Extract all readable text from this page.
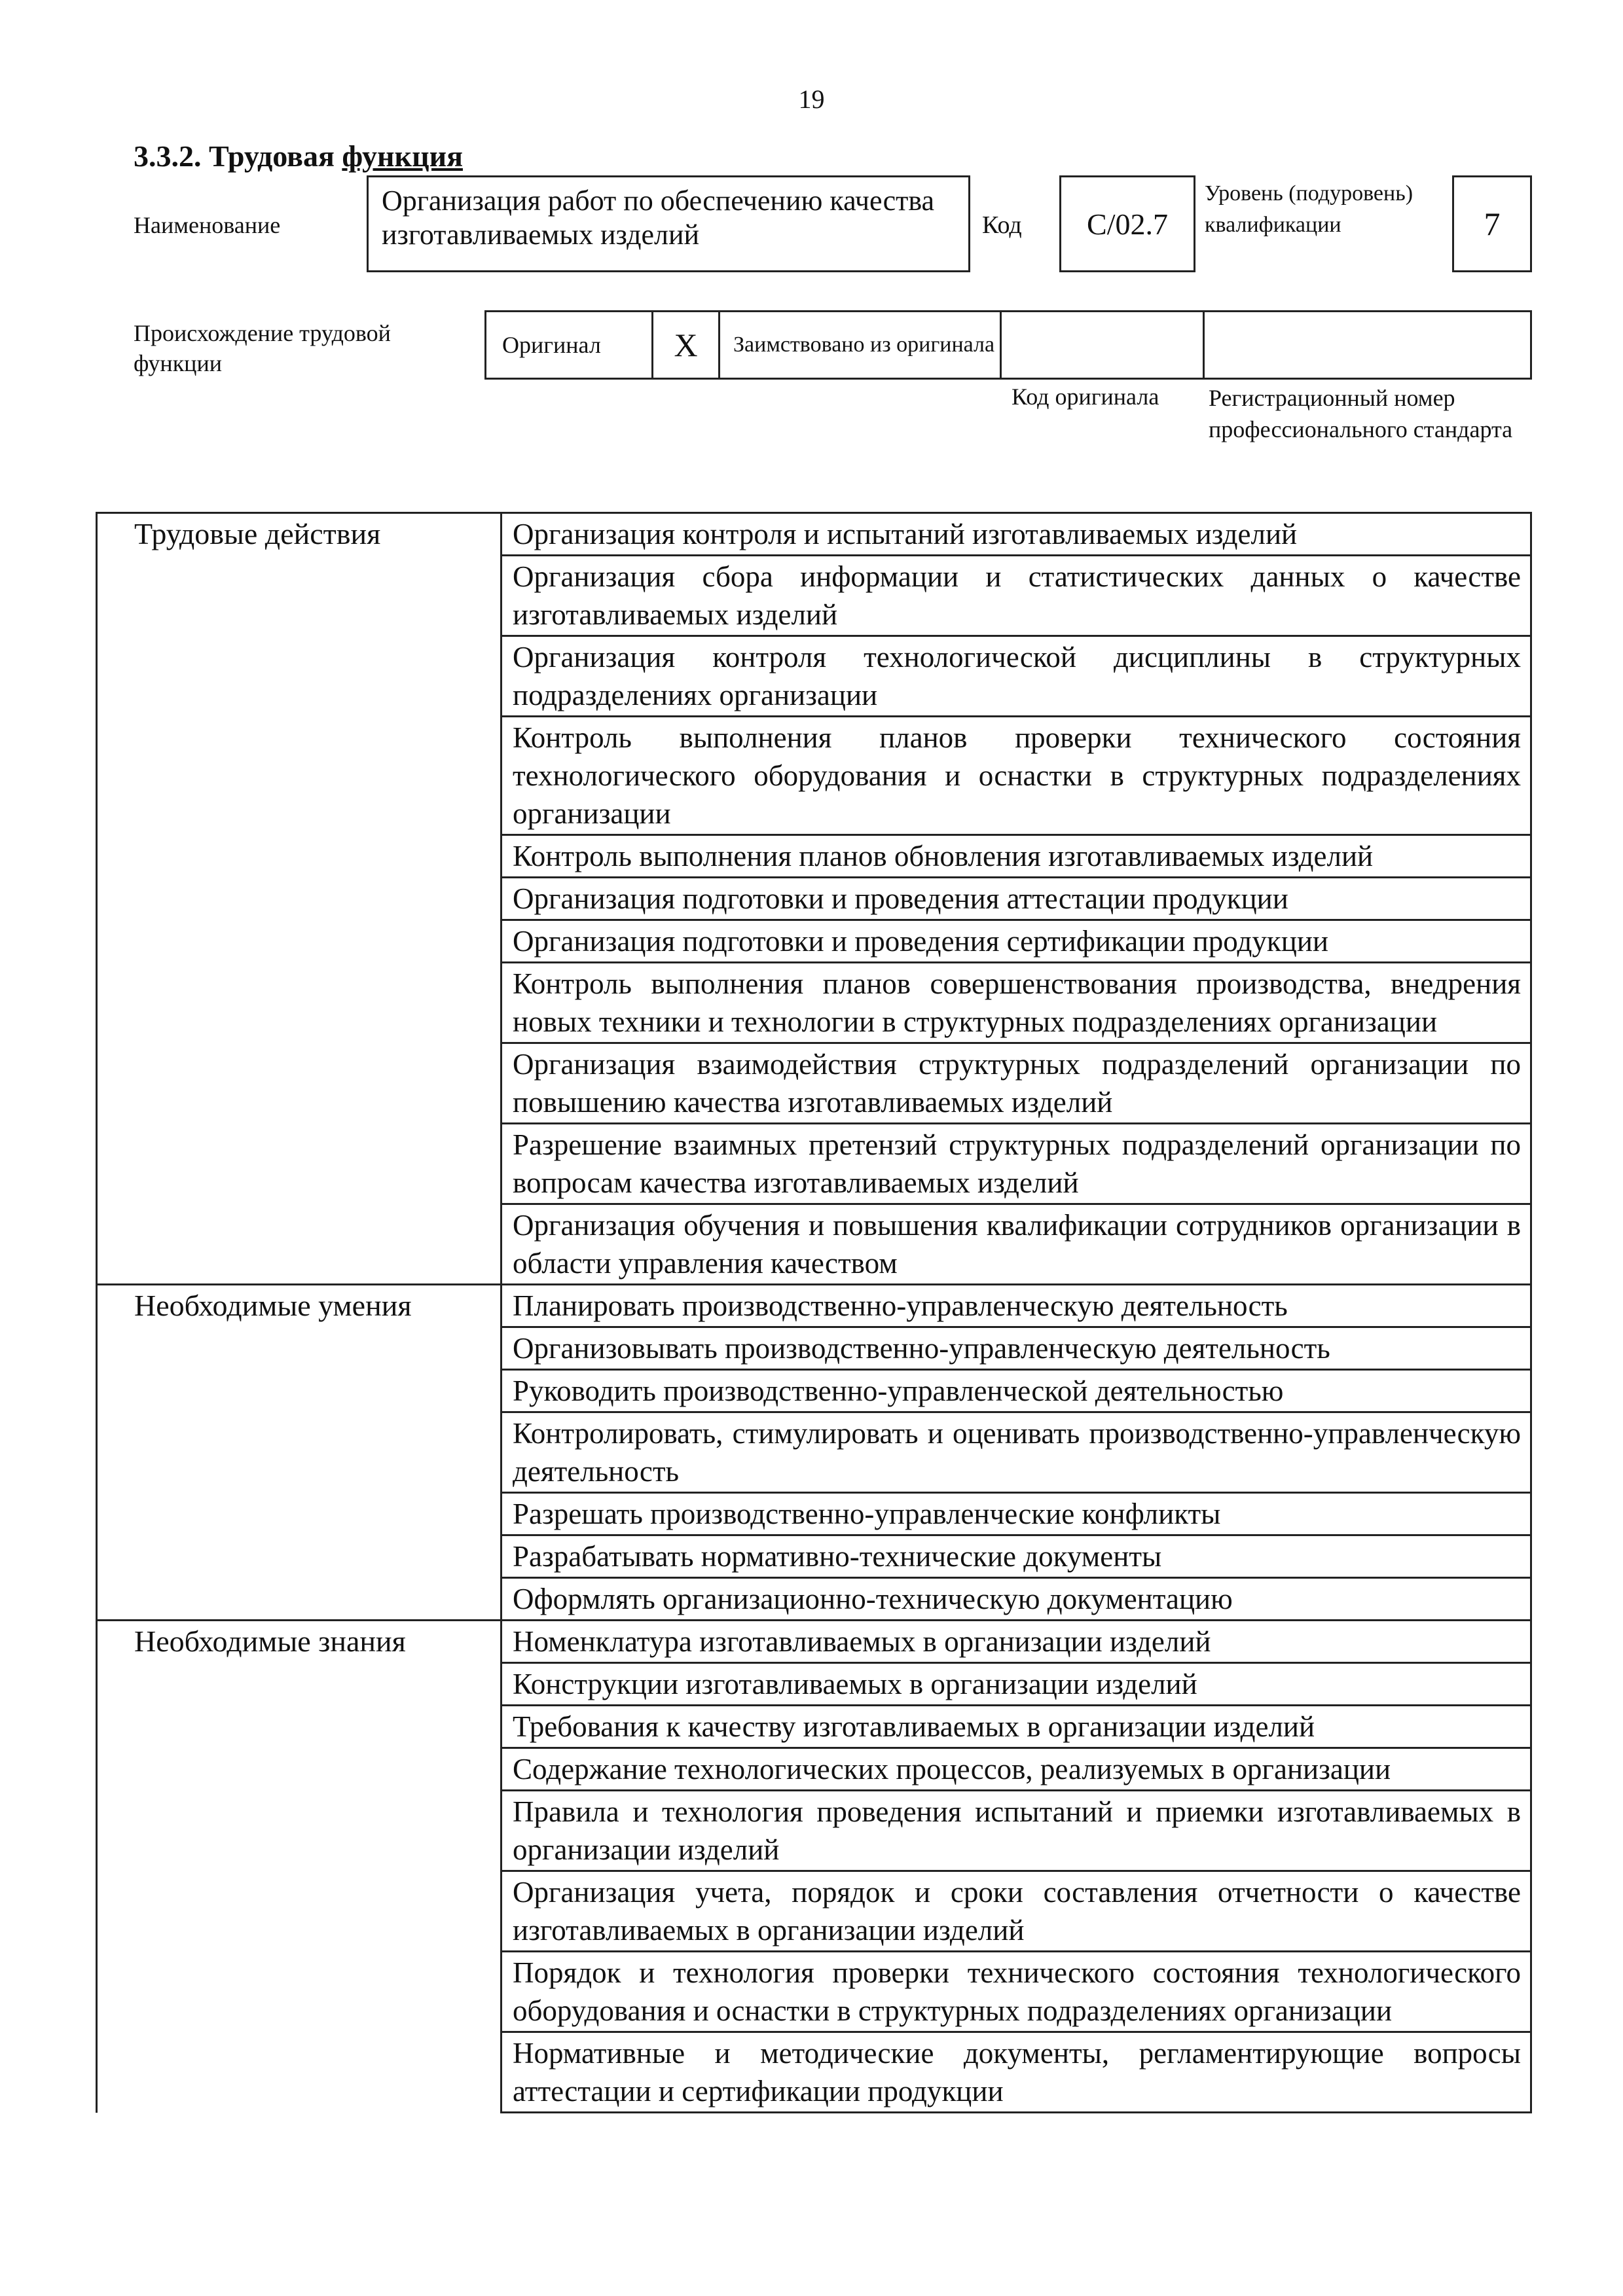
19
3.3.2. Трудовая функция
Наименование
Организация работ по обеспечению качества изготавливаемых изделий	Код	C/02.7
Уровень (подуровень) квалификации	7
Происхождение трудовой функции
Оригинал	X	Заимствовано из оригинала
Код оригинала Регистрационный номер профессионального стандарта
Трудовые действия	Организация контроля и испытаний изготавливаемых изделий
	Организация сбора информации и статистических данных о качестве изготавливаемых изделий
	Организация контроля технологической дисциплины в структурных подразделениях организации
	Контроль выполнения планов проверки технического состояния технологического оборудования и оснастки в структурных подразделениях организации
	Контроль выполнения планов обновления изготавливаемых изделий
	Организация подготовки и проведения аттестации продукции
	Организация подготовки и проведения сертификации продукции
	Контроль выполнения планов совершенствования производства, внедрения новых техники и технологии в структурных подразделениях организации
	Организация взаимодействия структурных подразделений организации по повышению качества изготавливаемых изделий
	Разрешение взаимных претензий структурных подразделений организации по вопросам качества изготавливаемых изделий
	Организация обучения и повышения квалификации сотрудников организации в области управления качеством
Необходимые умения	Планировать производственно-управленческую деятельность
	Организовывать производственно-управленческую деятельность
	Руководить производственно-управленческой деятельностью
	Контролировать, стимулировать и оценивать производственно-управленческую деятельность
	Разрешать производственно-управленческие конфликты
	Разрабатывать нормативно-технические документы
	Оформлять организационно-техническую документацию
Необходимые знания	Номенклатура изготавливаемых в организации изделий
	Конструкции изготавливаемых в организации изделий
	Требования к качеству изготавливаемых в организации изделий
	Содержание технологических процессов, реализуемых в организации
	Правила и технология проведения испытаний и приемки изготавливаемых в организации изделий
	Организация учета, порядок и сроки составления отчетности о качестве изготавливаемых в организации изделий
	Порядок и технология проверки технического состояния технологического оборудования и оснастки в структурных подразделениях организации
	Нормативные и методические документы, регламентирующие вопросы аттестации и сертификации продукции
